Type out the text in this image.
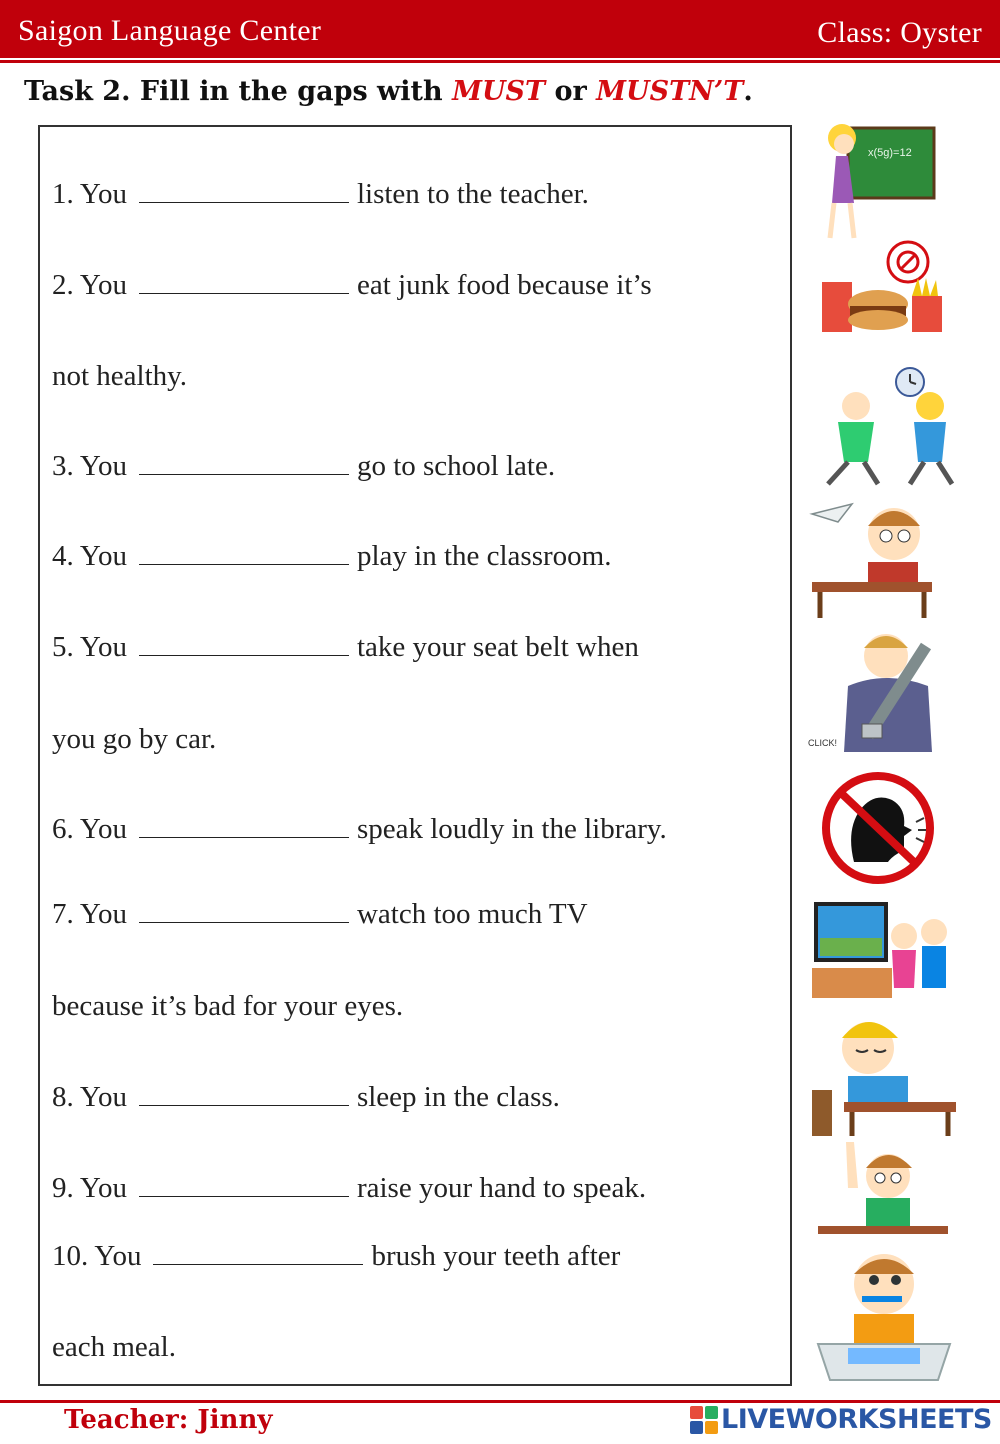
Saigon Language Center	Class: Oyster
Task 2. Fill in the gaps with MUST or MUSTN’T.
1. You	listen to the teacher.
2. You	eat junk food because it’s
not healthy.
3. You	go to school late.
4. You	play in the classroom.
5. You	take your seat belt when
you go by car.
6. You	speak loudly in the library.
7. You	watch too much TV
because it’s bad for your eyes.
8. You	sleep in the class.
9. You	raise your hand to speak.
10. You	brush your teeth after
each meal.
x(5g)=12
CLICK!
Teacher: Jinny	LIVEWORKSHEETS
